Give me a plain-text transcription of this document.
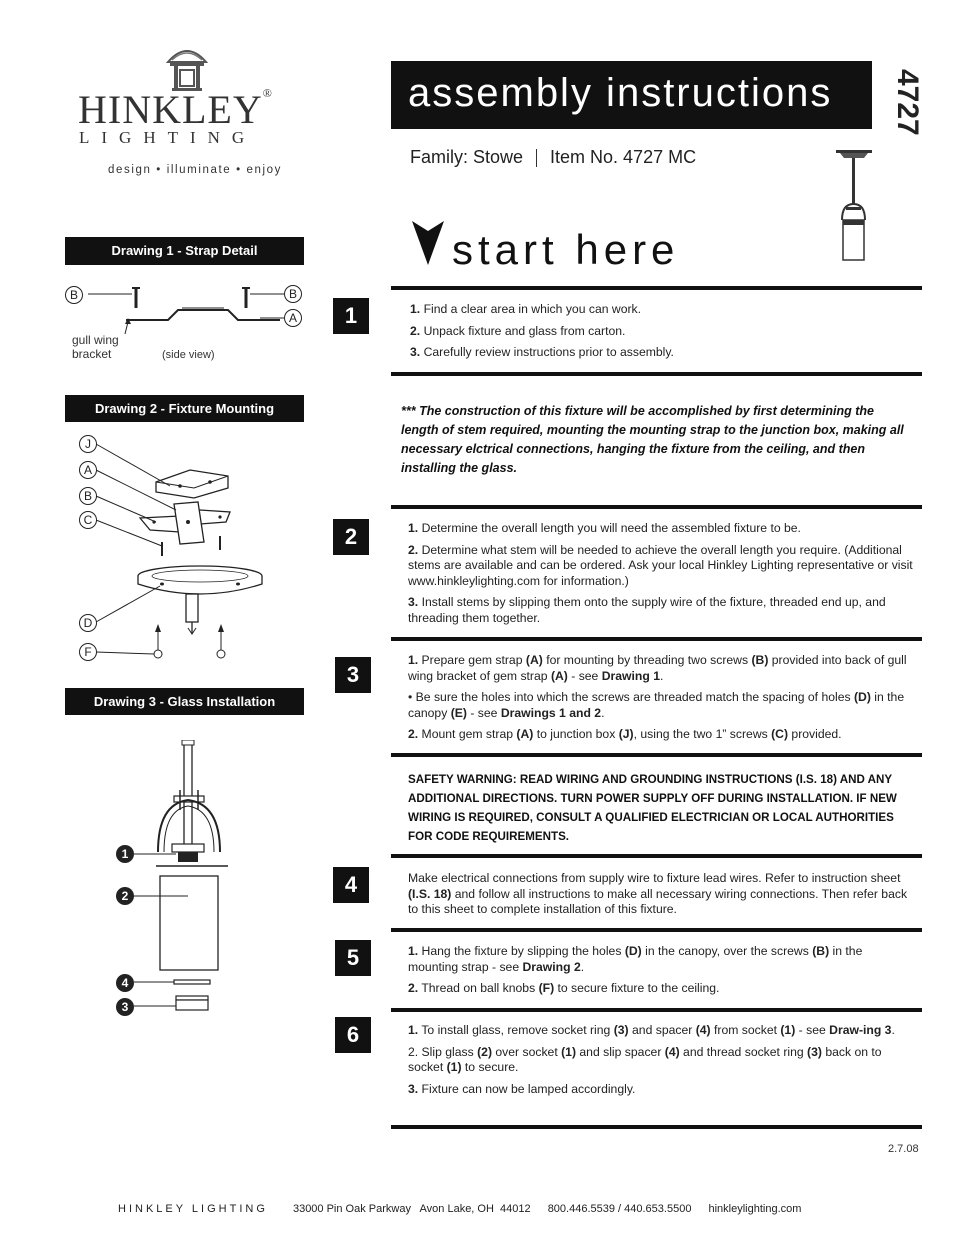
HINKLEY®
LIGHTING
design • illuminate • enjoy
assembly instructions 4727
Family: Stowe Item No. 4727 MC
start here
Drawing 1 - Strap Detail
B	B
A
gull wing
bracket	(side view)
Drawing 2 - Fixture Mounting
J
A
B
C
D
F
Drawing 3 - Glass Installation
1
2
4
3
1	1. Find a clear area in which you can work.

2. Unpack fixture and glass from carton.

3. Carefully review instructions prior to assembly.

*** The construction of this fixture will be accomplished by first determining the length of stem required, mounting the mounting strap to the junction box, making all necessary elctrical connections, hanging the fixture from the ceiling, and then installing the glass.
2	1. Determine the overall length you will need the assembled fixture to be.

2. Determine what stem will be needed to achieve the overall length you require. (Additional stems are available and can be ordered. Ask your local Hinkley Lighting representative or visit www.hinkleylighting.com for information.)

3. Install stems by slipping them onto the supply wire of the fixture, threaded end up, and threading them together.

3

1. Prepare gem strap (A) for mounting by threading two screws (B) provided into back of gull wing bracket of gem strap (A) - see Drawing 1.

• Be sure the holes into which the screws are threaded match the spacing of holes (D) in the canopy (E) - see Drawings 1 and 2.

2. Mount gem strap (A) to junction box (J), using the two 1” screws (C) provided.

SAFETY WARNING: READ WIRING AND GROUNDING INSTRUCTIONS (I.S. 18) AND ANY ADDITIONAL DIRECTIONS. TURN POWER SUPPLY OFF DURING INSTALLATION. IF NEW WIRING IS REQUIRED, CONSULT A QUALIFIED ELECTRICIAN OR LOCAL AUTHORITIES FOR CODE REQUIREMENTS.
4	Make electrical connections from supply wire to fixture lead wires. Refer to instruction sheet (I.S. 18) and follow all instructions to make all necessary wiring connections. Then refer back to this sheet to complete installation of this fixture.

5	1. Hang the fixture by slipping the holes (D) in the canopy, over the screws (B) in the mounting strap - see Drawing 2.

2. Thread on ball knobs (F) to secure fixture to the ceiling.

6	1. To install glass, remove socket ring (3) and spacer (4) from socket (1) - see Draw-ing 3.

2. Slip glass (2) over socket (1) and slip spacer (4) and thread socket ring (3) back on to socket (1) to secure.

3. Fixture can now be lamped accordingly.

2.7.08
HINKLEY LIGHTING 33000 Pin Oak Parkway   Avon Lake, OH  44012 800.446.5539 / 440.653.5500 hinkleylighting.com
